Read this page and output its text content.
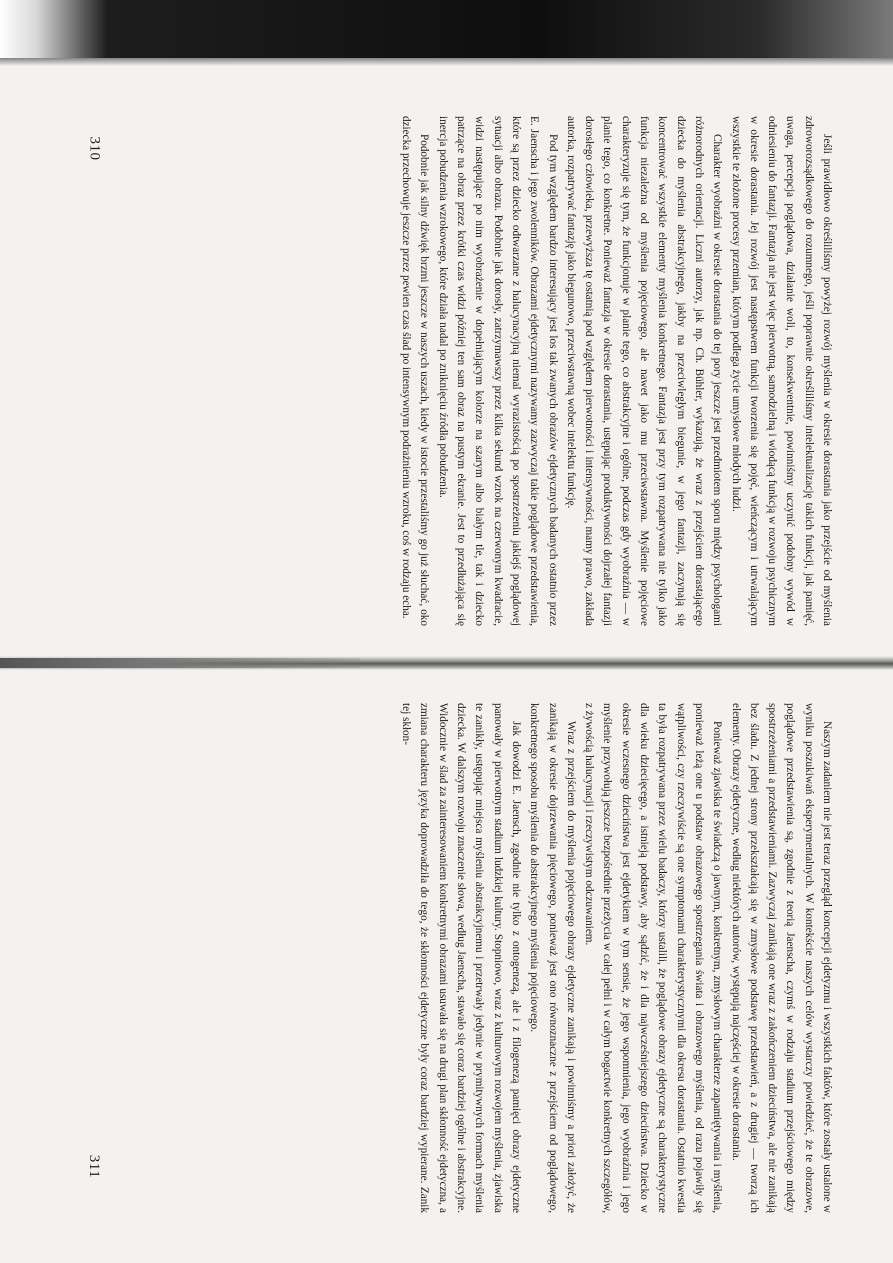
310
311

Jeśli prawidłowo określiliśmy powyżej rozwój myślenia w okresie dorastania jako przejście od myślenia zdroworozsądkowego do rozumnego, jeśli poprawnie określiliśmy intelektualizację takich funkcji, jak pamięć, uwaga, percepcja poglądowa, działanie woli, to, konsekwentnie, powinniśmy uczynić podobny wywód w odniesieniu do fantazji. Fantazja nie jest więc pierwotną, samodzielną i wiodącą funkcją w rozwoju psychicznym w okresie dorastania. Jej rozwój jest następstwem funkcji tworzenia się pojęć, wieńczącym i utrwalającym wszystkie te złożone procesy przemian, którym podlega życie umysłowe młodych ludzi.

Charakter wyobraźni w okresie dorastania do tej pory jeszcze jest przedmiotem sporu między psychologami różnorodnych orientacji. Liczni autorzy, jak np. Ch. Bühler, wykazują, że wraz z przejściem dorastającego dziecka do myślenia abstrakcyjnego, jakby na przeciwległym biegunie, w jego fantazji, zaczynają się koncentrować wszystkie elementy myślenia konkretnego. Fantazja jest przy tym rozpatrywana nie tylko jako funkcja niezależna od myślenia pojęciowego, ale nawet jako mu przeciwstawna. Myślenie pojęciowe charakteryzuje się tym, że funkcjonuje w planie tego, co abstrakcyjne i ogólne, podczas gdy wyobraźnia — w planie tego, co konkretne. Ponieważ fantazja w okresie dorastania, ustępując produktywności dojrzałej fantazji dorosłego człowieka, przewyższa tę ostatnią pod względem pierwotności i intensywności, mamy prawo, zakłada autorka, rozpatrywać fantazję jako biegunowo, przeciwstawną wobec intelektu funkcję.

Pod tym względem bardzo interesujący jest los tak zwanych obrazów ejdetycznych badanych ostatnio przez E. Jaenscha i jego zwolenników. Obrazami ejdetycznymi nazywamy zazwyczaj takie poglądowe przedstawienia, które są przez dziecko odtwarzane z halucynacyjną niemal wyrazistością po spostrzeżeniu jakiejś poglądowej sytuacji albo obrazu. Podobnie jak dorosły, zatrzymawszy przez kilka sekund wzrok na czerwonym kwadracie, widzi następujące po nim wyobrażenie w dopełniającym kolorze na szarym albo białym tle, tak i dziecko patrzące na obraz przez krótki czas widzi później ten sam obraz na pustym ekranie. Jest to przedłużająca się inercja pobudzenia wzrokowego, które działa nadal po zniknięciu źródła pobudzenia.

Podobnie jak silny dźwięk brzmi jeszcze w naszych uszach, kiedy w istocie przestaliśmy go już słuchać, oko dziecka przechowuje jeszcze przez pewien czas ślad po intensywnym podrażnieniu wzroku, coś w rodzaju echa.

Naszym zadaniem nie jest teraz przegląd koncepcji ejdetyzmu i wszystkich faktów, które zostały ustalone w wyniku poszukiwań eksperymentalnych. W kontekście naszych celów wystarczy powiedzieć, że te obrazowe, poglądowe przedstawienia są, zgodnie z teorią Jaenscha, czymś w rodzaju stadium przejściowego między spostrzeżeniami a przedstawieniami. Zazwyczaj zanikają one wraz z zakończeniem dzieciństwa, ale nie zanikają bez śladu. Z jednej strony przekształcają się w zmysłowe podstawę przedstawień, a z drugiej — tworzą ich elementy. Obrazy ejdetyczne, według niektórych autorów, występują najczęściej w okresie dorastania.

Ponieważ zjawiska te świadczą o jawnym, konkretnym, zmysłowym charakterze zapamiętywania i myślenia, ponieważ leżą one u podstaw obrazowego spostrzegania świata i obrazowego myślenia, od razu pojawiły się wątpliwości, czy rzeczywiście są one symptomami charakterystycznymi dla okresu dorastania. Ostatnio kwestia ta była rozpatrywana przez wielu badaczy, którzy ustalili, że poglądowe obrazy ejdetyczne są charakterystyczne dla wieku dziecięcego, a istnieją podstawy, aby sądzić, że i dla najwcześniejszego dzieciństwa. Dziecko w okresie wczesnego dzieciństwa jest ejdetykiem w tym sensie, że jego wspomnienia, jego wyobraźnia i jego myślenie przywołują jeszcze bezpośrednie przeżycia w całej pełni i w całym bogactwie konkretnych szczegółów, z żywością halucynacji i rzeczywistym odczuwaniem.

Wraz z przejściem do myślenia pojęciowego obrazy ejdetyczne zanikają i powinniśmy a priori założyć, że zanikają w okresie dojrzewania pięciowego, ponieważ jest ono równoznaczne z przejściem od poglądowego, konkretnego sposobu myślenia do abstrakcyjnego myślenia pojęciowego.

Jak dowodzi E. Jaensch, zgodnie nie tylko z ontogenezą, ale i z filogenezą pamięci obrazy ejdetyczne panowały w pierwotnym stadium ludzkiej kultury. Stopniowo, wraz z kulturowym rozwojem myślenia, zjawiska te zanikły, ustępując miejsca myśleniu abstrakcyjnemu i przetrwały jedynie w prymitywnych formach myślenia dziecka. W dalszym rozwoju znaczenie słowa, według Jaenscha, stawało się coraz bardziej ogólne i abstrakcyjne. Widocznie w ślad za zainteresowaniem konkretnymi obrazami usuwała się na drugi plan skłonność ejdetyczna, a zmiana charakteru języka doprowadziła do tego, że skłonności ejdetyczne były coraz bardziej wypierane. Zanik tej skłon-
